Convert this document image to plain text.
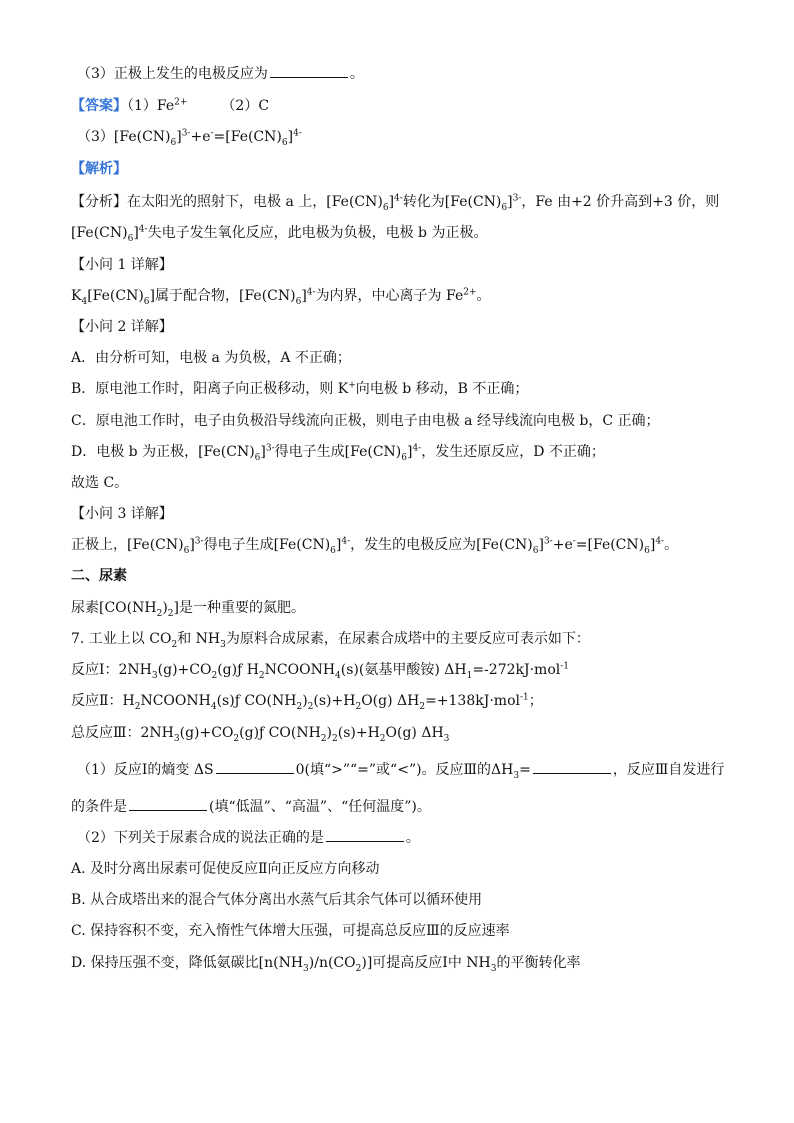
（3）正极上发生的电极反应为	。
【答案】$(1)Fe^{2+}$ （2）C
$(3)[Fe(CN)_6]^{3-}+e^-=[Fe(CN)_6]^{4-}$
【解析】
【分析】在太阳光的照射下，电极 a 上，$[Fe(CN)_6]^{4-}$转化为$[Fe(CN)_6]^{3-}$，Fe 由+2 价升高到+3 价，则
$[Fe(CN)_6]^{4-}$失电子发生氧化反应，此电极为负极，电极 b 为正极。
【小问 1 详解】
$K_4[Fe(CN)_6]$属于配合物，$[Fe(CN)_6]^{4-}$为内界，中心离子为 $Fe^{2+}$。
【小问 2 详解】
A．由分析可知，电极 a 为负极，A 不正确；
B．原电池工作时，阳离子向正极移动，则 K+向电极 b 移动，B 不正确；
C．原电池工作时，电子由负极沿导线流向正极，则电子由电极 a 经导线流向电极 b，C 正确；
D．电极 b 为正极，$[Fe(CN)_6]^{3-}$得电子生成$[Fe(CN)_6]^{4-}$，发生还原反应，D 不正确；
故选 C。
【小问 3 详解】
正极上，$[Fe(CN)_6]^{3-}$得电子生成$[Fe(CN)_6]^{4-}$，发生的电极反应为$[Fe(CN)_6]^{3-}+e^-=[Fe(CN)_6]^{4-}$。
二、尿素
尿素$[CO(NH_2)_2]$是一种重要的氮肥。
7. 工业上以 $CO_2$和 $NH_3$为原料合成尿素，在尿素合成塔中的主要反应可表示如下：
反应Ⅰ：$2NH_3(g)+CO_2(g)ƒ$ $H_2NCOONH_4(s)$(氨基甲酸铵) $\Delta H_1=-272kJ\cdot mol^{-1}$
反应Ⅱ：$H_2NCOONH_4(s)ƒ$ $CO(NH_2)_2(s)+H_2O(g)$ $\Delta H_2=+138kJ\cdot mol^{-1}$；
总反应Ⅲ：$2NH_3(g)+CO_2(g)ƒ$ $CO(NH_2)_2(s)+H_2O(g)$ $\Delta H_3$
（1）反应Ⅰ的熵变 ΔS	0(填“>”“=”或“<”)。反应Ⅲ的$\Delta H_3=$	，反应Ⅲ自发进行
的条件是	(填“低温”、“高温”、“任何温度”)。
（2）下列关于尿素合成的说法正确的是	。
A. 及时分离出尿素可促使反应Ⅱ向正反应方向移动
B. 从合成塔出来的混合气体分离出水蒸气后其余气体可以循环使用
C. 保持容积不变，充入惰性气体增大压强，可提高总反应Ⅲ的反应速率
D. 保持压强不变，降低氨碳比$[n(NH_3)/n(CO_2)]$可提高反应Ⅰ中 $NH_3$的平衡转化率
